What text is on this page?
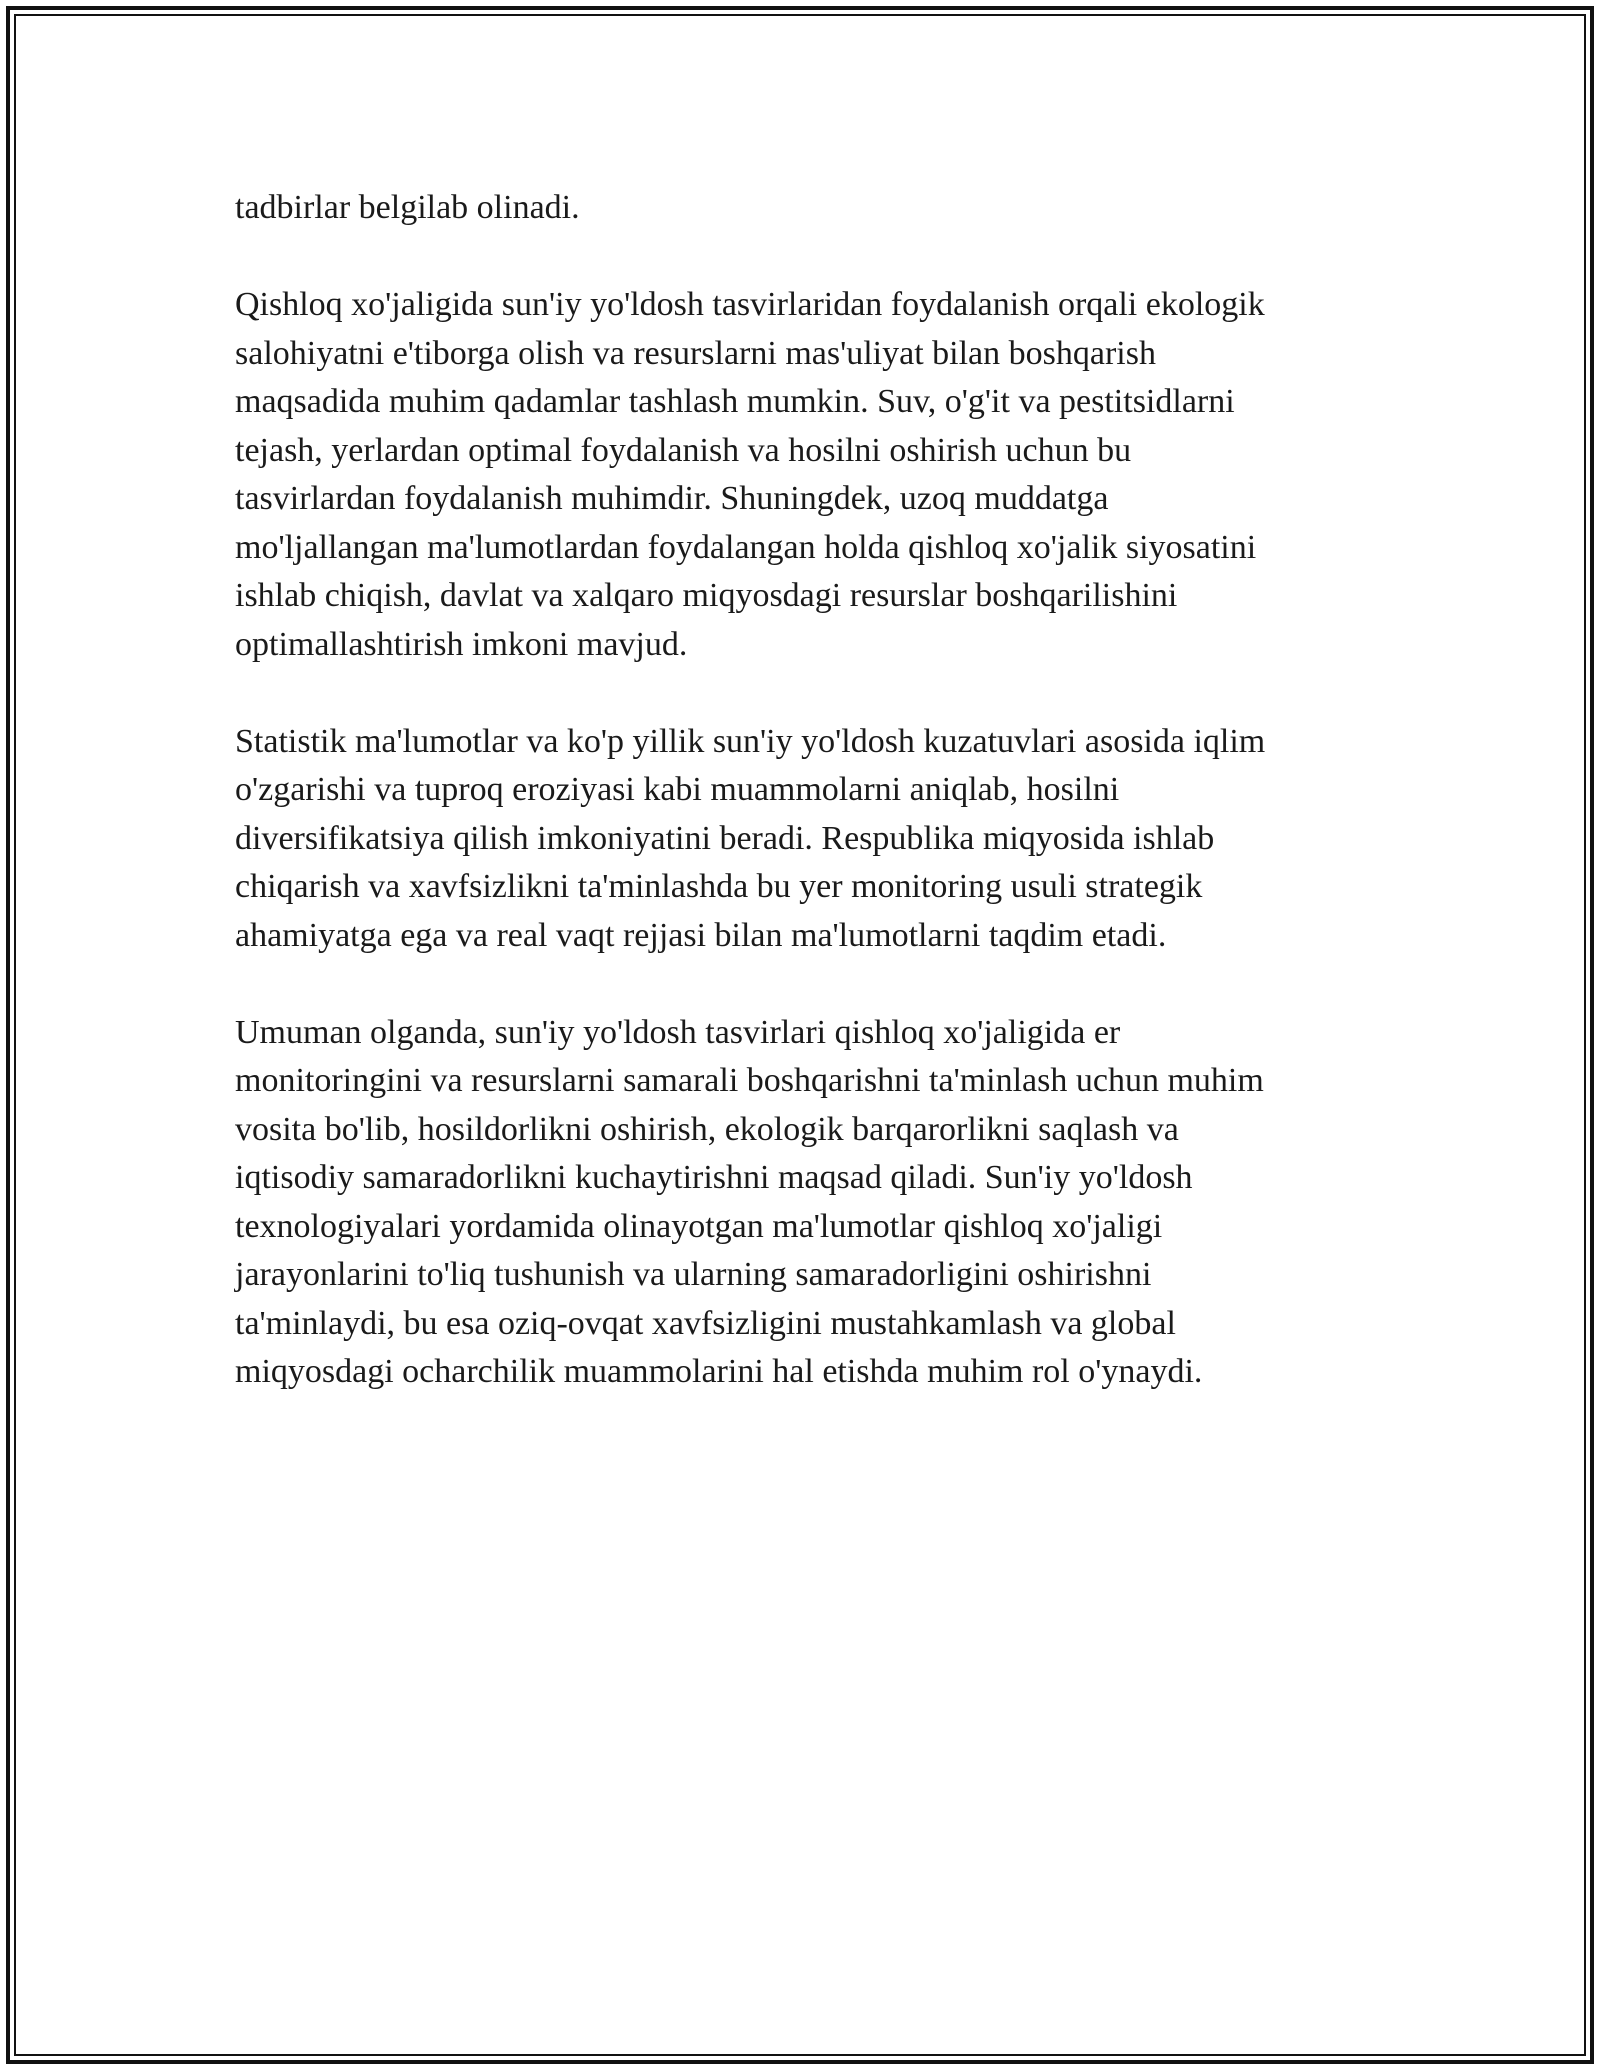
tadbirlar belgilab olinadi.

Qishloq xo'jaligida sun'iy yo'ldosh tasvirlaridan foydalanish orqali ekologik
salohiyatni e'tiborga olish va resurslarni mas'uliyat bilan boshqarish
maqsadida muhim qadamlar tashlash mumkin. Suv, o'g'it va pestitsidlarni
tejash, yerlardan optimal foydalanish va hosilni oshirish uchun bu
tasvirlardan foydalanish muhimdir. Shuningdek, uzoq muddatga
mo'ljallangan ma'lumotlardan foydalangan holda qishloq xo'jalik siyosatini
ishlab chiqish, davlat va xalqaro miqyosdagi resurslar boshqarilishini
optimallashtirish imkoni mavjud.

Statistik ma'lumotlar va ko'p yillik sun'iy yo'ldosh kuzatuvlari asosida iqlim
o'zgarishi va tuproq eroziyasi kabi muammolarni aniqlab, hosilni
diversifikatsiya qilish imkoniyatini beradi. Respublika miqyosida ishlab
chiqarish va xavfsizlikni ta'minlashda bu yer monitoring usuli strategik
ahamiyatga ega va real vaqt rejjasi bilan ma'lumotlarni taqdim etadi.

Umuman olganda, sun'iy yo'ldosh tasvirlari qishloq xo'jaligida er
monitoringini va resurslarni samarali boshqarishni ta'minlash uchun muhim
vosita bo'lib, hosildorlikni oshirish, ekologik barqarorlikni saqlash va
iqtisodiy samaradorlikni kuchaytirishni maqsad qiladi. Sun'iy yo'ldosh
texnologiyalari yordamida olinayotgan ma'lumotlar qishloq xo'jaligi
jarayonlarini to'liq tushunish va ularning samaradorligini oshirishni
ta'minlaydi, bu esa oziq-ovqat xavfsizligini mustahkamlash va global
miqyosdagi ocharchilik muammolarini hal etishda muhim rol o'ynaydi.
